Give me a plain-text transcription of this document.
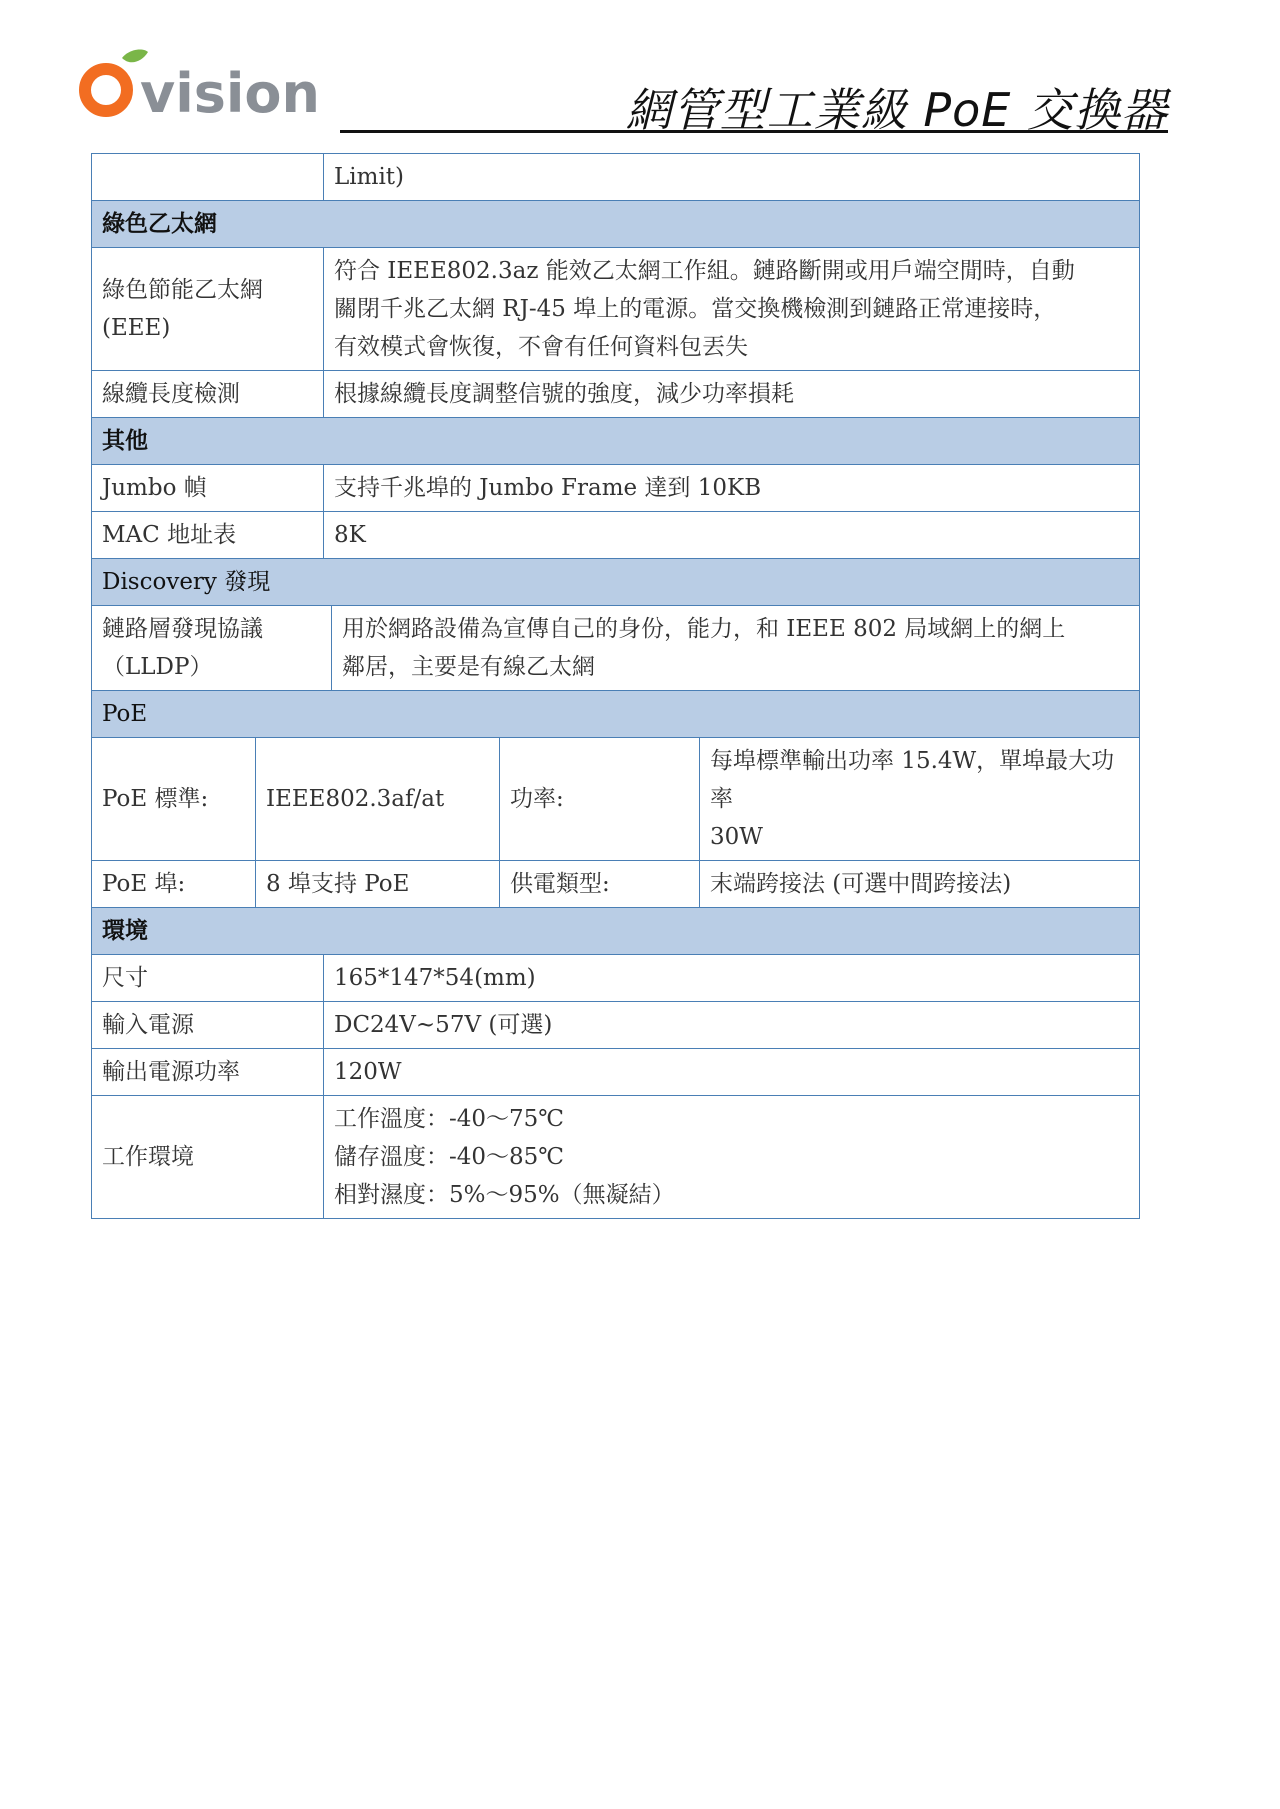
vision	網管型工業級 PoE 交換器
		Limit)			
綠色乙太網					

綠色節能乙太網
(EEE)		符合 IEEE802.3az 能效乙太網工作組。鏈路斷開或用戶端空閒時，自動
關閉千兆乙太網 RJ-45 埠上的電源。當交換機檢測到鏈路正常連接時，
有效模式會恢復，不會有任何資料包丟失			

線纜長度檢測		根據線纜長度調整信號的強度，減少功率損耗			
其他					
Jumbo 幀		支持千兆埠的 Jumbo Frame 達到 10KB			
MAC 地址表		8K			
Discovery 發現					

鏈路層發現協議
（LLDP）			用於網路設備為宣傳自己的身份，能力，和 IEEE 802 局域網上的網上
鄰居，主要是有線乙太網		

PoE					
PoE 標準:	IEEE802.3af/at			功率:	每埠標準輸出功率 15.4W，單埠最大功率
30W

PoE 埠:	8 埠支持 PoE			供電類型:	末端跨接法 (可選中間跨接法)
環境					
尺寸		165*147*54(mm)			
輸入電源		DC24V~57V (可選)			
輸出電源功率		120W			
工作環境		工作溫度：-40～75℃
儲存溫度：-40～85℃
相對濕度：5%～95%（無凝結）			
